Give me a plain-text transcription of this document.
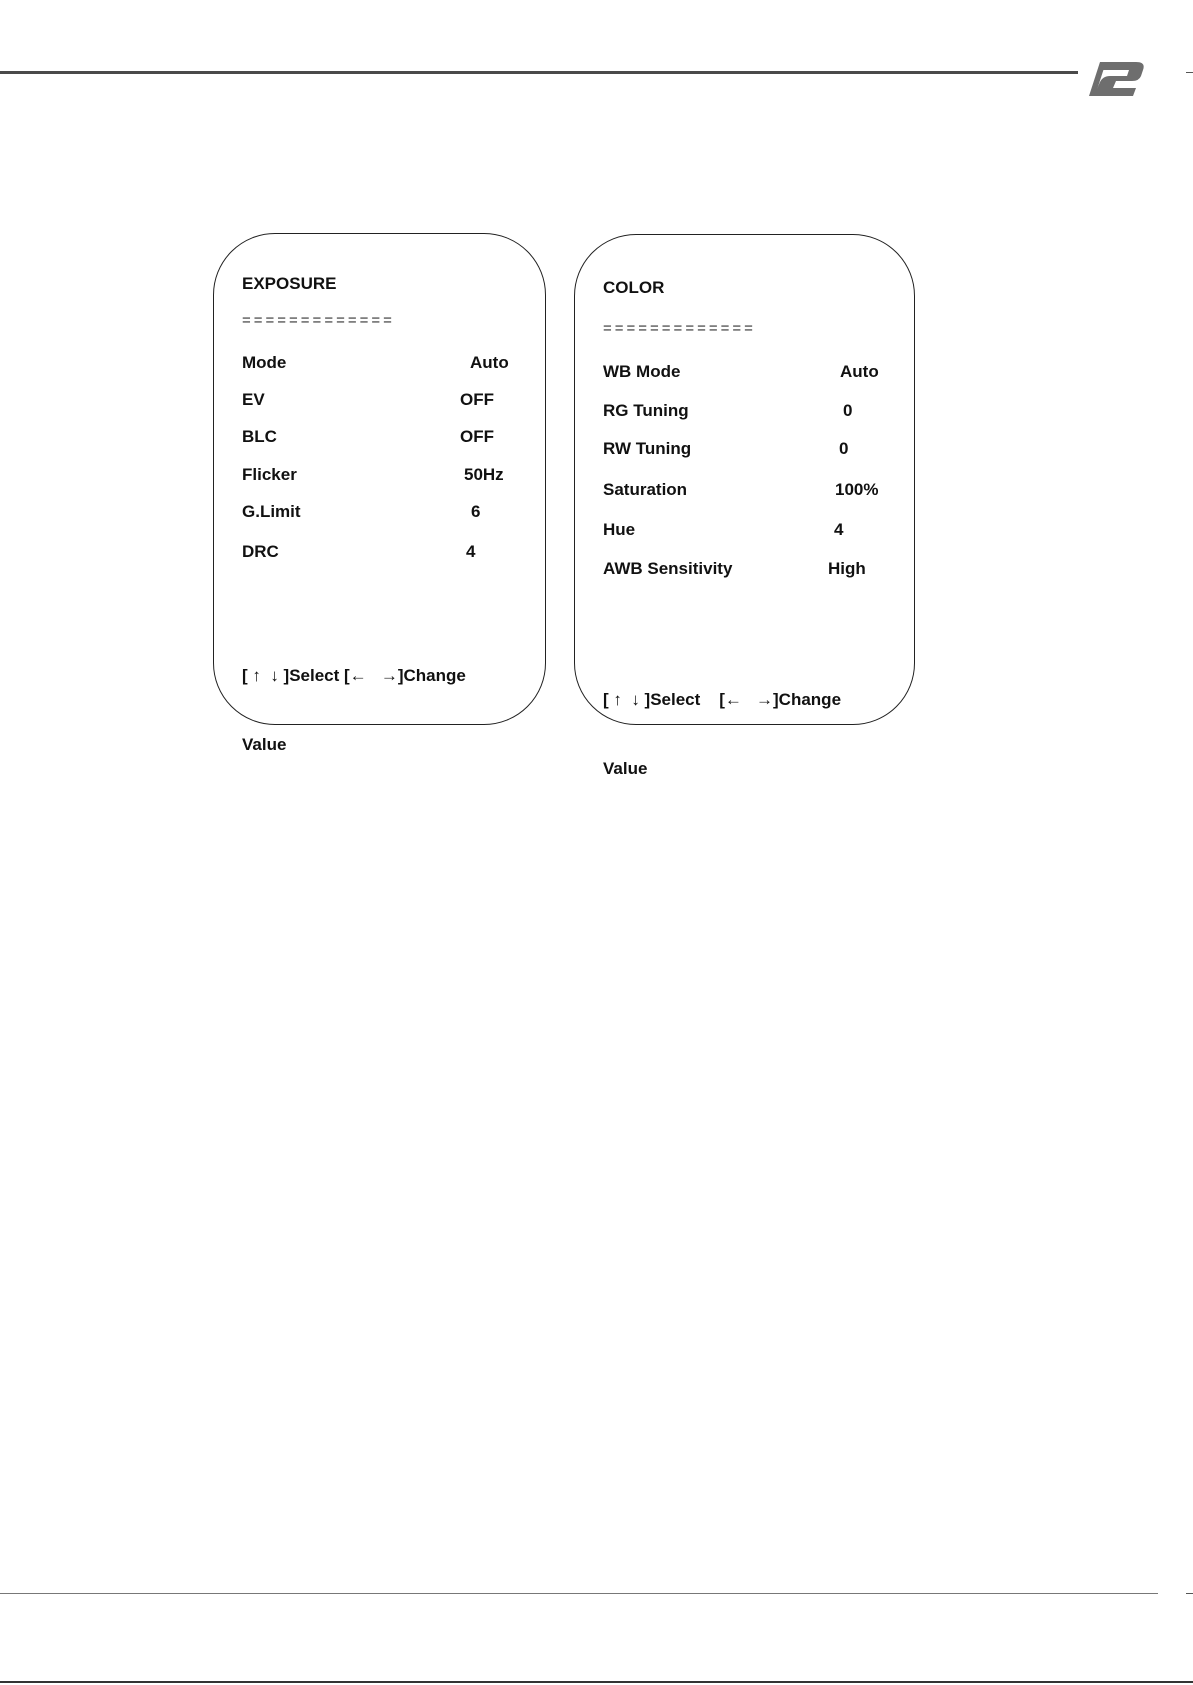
EXPOSURE
=============
Mode	Auto
EV	OFF
BLC	OFF
Flicker	50Hz
G.Limit	6
DRC	4

[ ↑  ↓ ]Select [←   →]Change

Value

COLOR
=============
WB Mode	Auto
RG Tuning	0
RW Tuning	0
Saturation	100%
Hue	4
AWB Sensitivity	High

[ ↑  ↓ ]Select    [←   →]Change

Value
